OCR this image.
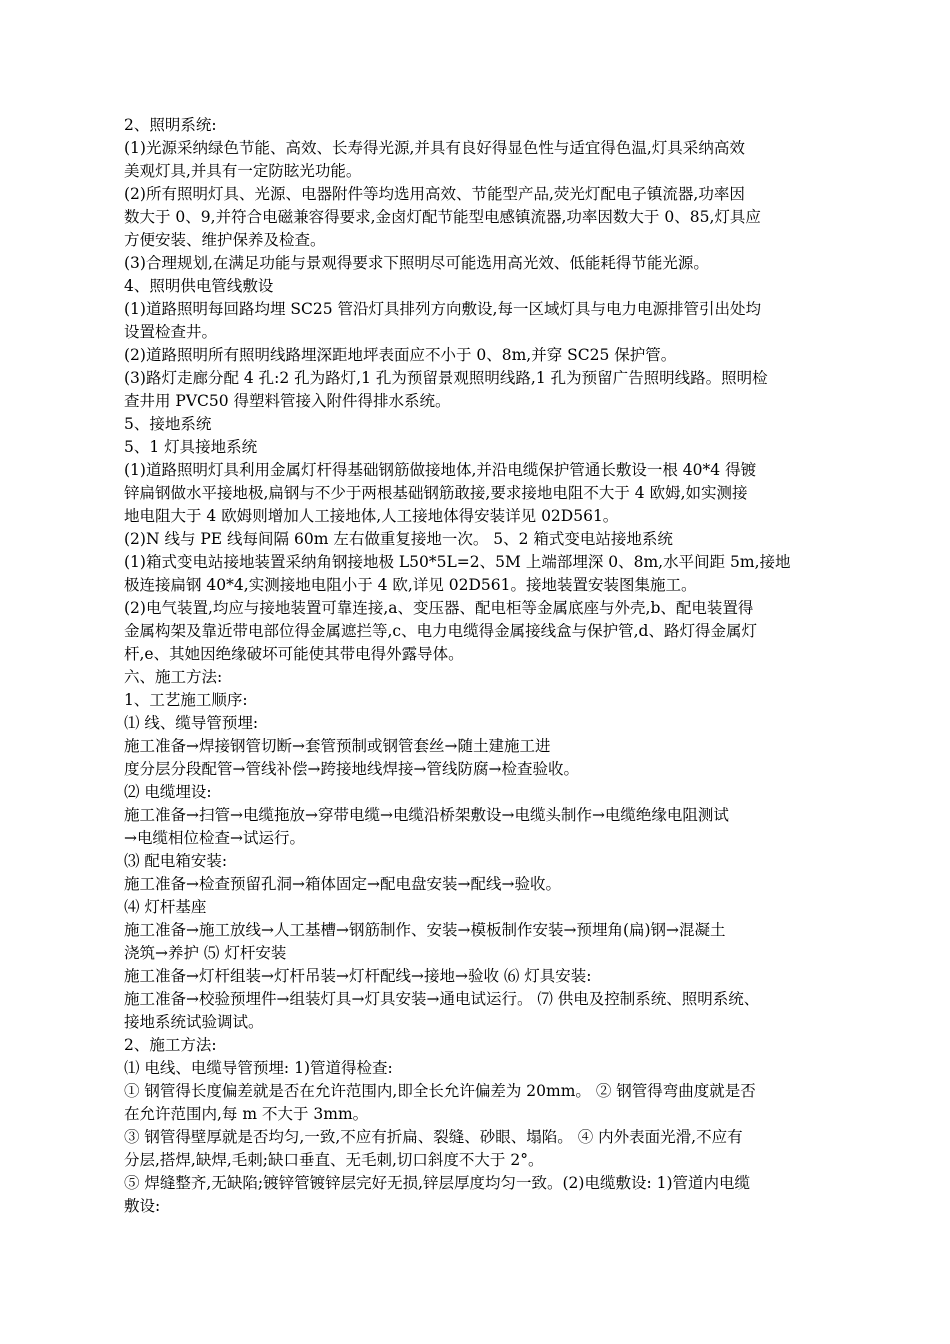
2、照明系统:
(1)光源采纳绿色节能、高效、长寿得光源,并具有良好得显色性与适宜得色温,灯具采纳高效
美观灯具,并具有一定防眩光功能。
(2)所有照明灯具、光源、电器附件等均选用高效、节能型产品,荧光灯配电子镇流器,功率因
数大于 0、9,并符合电磁兼容得要求,金卤灯配节能型电感镇流器,功率因数大于 0、85,灯具应
方便安装、维护保养及检查。
(3)合理规划,在满足功能与景观得要求下照明尽可能选用高光效、低能耗得节能光源。
4、照明供电管线敷设
(1)道路照明每回路均埋 SC25 管沿灯具排列方向敷设,每一区域灯具与电力电源排管引出处均
设置检查井。
(2)道路照明所有照明线路埋深距地坪表面应不小于 0、8m,并穿 SC25 保护管。
(3)路灯走廊分配 4 孔:2 孔为路灯,1 孔为预留景观照明线路,1 孔为预留广告照明线路。照明检
查井用 PVC50 得塑料管接入附件得排水系统。
5、接地系统
5、1 灯具接地系统
(1)道路照明灯具利用金属灯杆得基础钢筋做接地体,并沿电缆保护管通长敷设一根 40*4 得镀
锌扁钢做水平接地极,扁钢与不少于两根基础钢筋敢接,要求接地电阻不大于 4 欧姆,如实测接
地电阻大于 4 欧姆则增加人工接地体,人工接地体得安装详见 02D561。
(2)N 线与 PE 线每间隔 60m 左右做重复接地一次。 5、2 箱式变电站接地系统
(1)箱式变电站接地装置采纳角钢接地极 L50*5L=2、5M 上端部埋深 0、8m,水平间距 5m,接地
极连接扁钢 40*4,实测接地电阻小于 4 欧,详见 02D561。接地装置安装图集施工。
(2)电气装置,均应与接地装置可靠连接,a、变压器、配电柜等金属底座与外壳,b、配电装置得
金属构架及靠近带电部位得金属遮拦等,c、电力电缆得金属接线盒与保护管,d、路灯得金属灯
杆,e、其她因绝缘破坏可能使其带电得外露导体。
六、施工方法:
1、工艺施工顺序:
⑴ 线、缆导管预埋:
施工准备→焊接钢管切断→套管预制或钢管套丝→随土建施工进
度分层分段配管→管线补偿→跨接地线焊接→管线防腐→检查验收。
⑵ 电缆埋设:
施工准备→扫管→电缆拖放→穿带电缆→电缆沿桥架敷设→电缆头制作→电缆绝缘电阻测试
→电缆相位检查→试运行。
⑶ 配电箱安装:
施工准备→检查预留孔洞→箱体固定→配电盘安装→配线→验收。
⑷ 灯杆基座
施工准备→施工放线→人工基槽→钢筋制作、安装→模板制作安装→预埋角(扁)钢→混凝土
浇筑→养护 ⑸ 灯杆安装
施工准备→灯杆组装→灯杆吊装→灯杆配线→接地→验收 ⑹ 灯具安装:
施工准备→校验预埋件→组装灯具→灯具安装→通电试运行。 ⑺ 供电及控制系统、照明系统、
接地系统试验调试。
2、施工方法:
⑴ 电线、电缆导管预埋: 1)管道得检查:
① 钢管得长度偏差就是否在允许范围内,即全长允许偏差为 20mm。 ② 钢管得弯曲度就是否
在允许范围内,每 m 不大于 3mm。
③ 钢管得壁厚就是否均匀,一致,不应有折扁、裂缝、砂眼、塌陷。 ④ 内外表面光滑,不应有
分层,搭焊,缺焊,毛刺;缺口垂直、无毛刺,切口斜度不大于 2°。
⑤ 焊缝整齐,无缺陷;镀锌管镀锌层完好无损,锌层厚度均匀一致。(2)电缆敷设: 1)管道内电缆
敷设:
